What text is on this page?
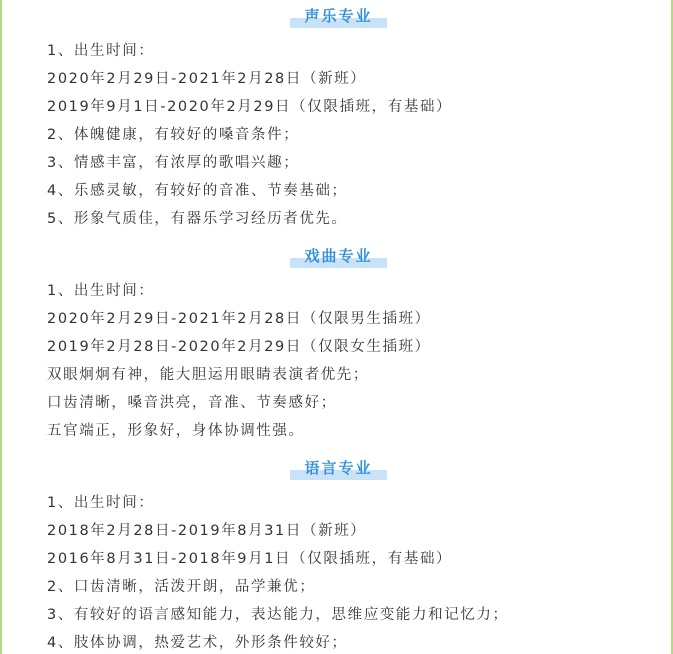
声乐专业
1、出生时间：
2020年2月29日-2021年2月28日（新班）
2019年9月1日-2020年2月29日（仅限插班，有基础）
2、体魄健康，有较好的嗓音条件；
3、情感丰富，有浓厚的歌唱兴趣；
4、乐感灵敏，有较好的音准、节奏基础；
5、形象气质佳，有器乐学习经历者优先。
戏曲专业
1、出生时间：
2020年2月29日-2021年2月28日（仅限男生插班）
2019年2月28日-2020年2月29日（仅限女生插班）
双眼炯炯有神，能大胆运用眼睛表演者优先；
口齿清晰，嗓音洪亮，音准、节奏感好；
五官端正，形象好，身体协调性强。
语言专业
1、出生时间：
2018年2月28日-2019年8月31日（新班）
2016年8月31日-2018年9月1日（仅限插班，有基础）
2、口齿清晰，活泼开朗，品学兼优；
3、有较好的语言感知能力，表达能力，思维应变能力和记忆力；
4、肢体协调，热爱艺术，外形条件较好；
